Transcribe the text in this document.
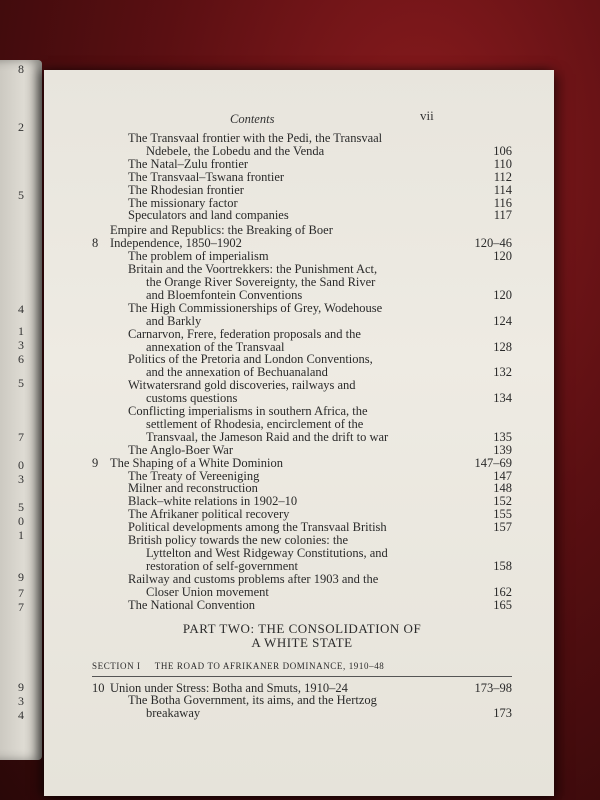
8
2
5
4
1
3
6
5
7
0
3
5
0
1
9
7
7
9
3
4
Contents	vii
The Transvaal frontier with the Pedi, the Transvaal
Ndebele, the Lobedu and the Venda	106
The Natal–Zulu frontier	110
The Transvaal–Tswana frontier	112
The Rhodesian frontier	114
The missionary factor	116
Speculators and land companies	117
8
Empire and Republics: the Breaking of Boer
Independence, 1850–1902	120–46
The problem of imperialism	120
Britain and the Voortrekkers: the Punishment Act,
the Orange River Sovereignty, the Sand River
and Bloemfontein Conventions	120
The High Commissionerships of Grey, Wodehouse
and Barkly	124
Carnarvon, Frere, federation proposals and the
annexation of the Transvaal	128
Politics of the Pretoria and London Conventions,
and the annexation of Bechuanaland	132
Witwatersrand gold discoveries, railways and
customs questions	134
Conflicting imperialisms in southern Africa, the
settlement of Rhodesia, encirclement of the
Transvaal, the Jameson Raid and the drift to war	135
The Anglo-Boer War	139
9 The Shaping of a White Dominion	147–69
The Treaty of Vereeniging	147
Milner and reconstruction	148
Black–white relations in 1902–10	152
The Afrikaner political recovery	155
Political developments among the Transvaal British	157
British policy towards the new colonies: the
Lyttelton and West Ridgeway Constitutions, and
restoration of self-government	158
Railway and customs problems after 1903 and the
Closer Union movement	162
The National Convention	165
PART TWO: THE CONSOLIDATION OF
A WHITE STATE
SECTION I     THE ROAD TO AFRIKANER DOMINANCE, 1910–48
10 Union under Stress: Botha and Smuts, 1910–24	173–98
The Botha Government, its aims, and the Hertzog
breakaway	173
